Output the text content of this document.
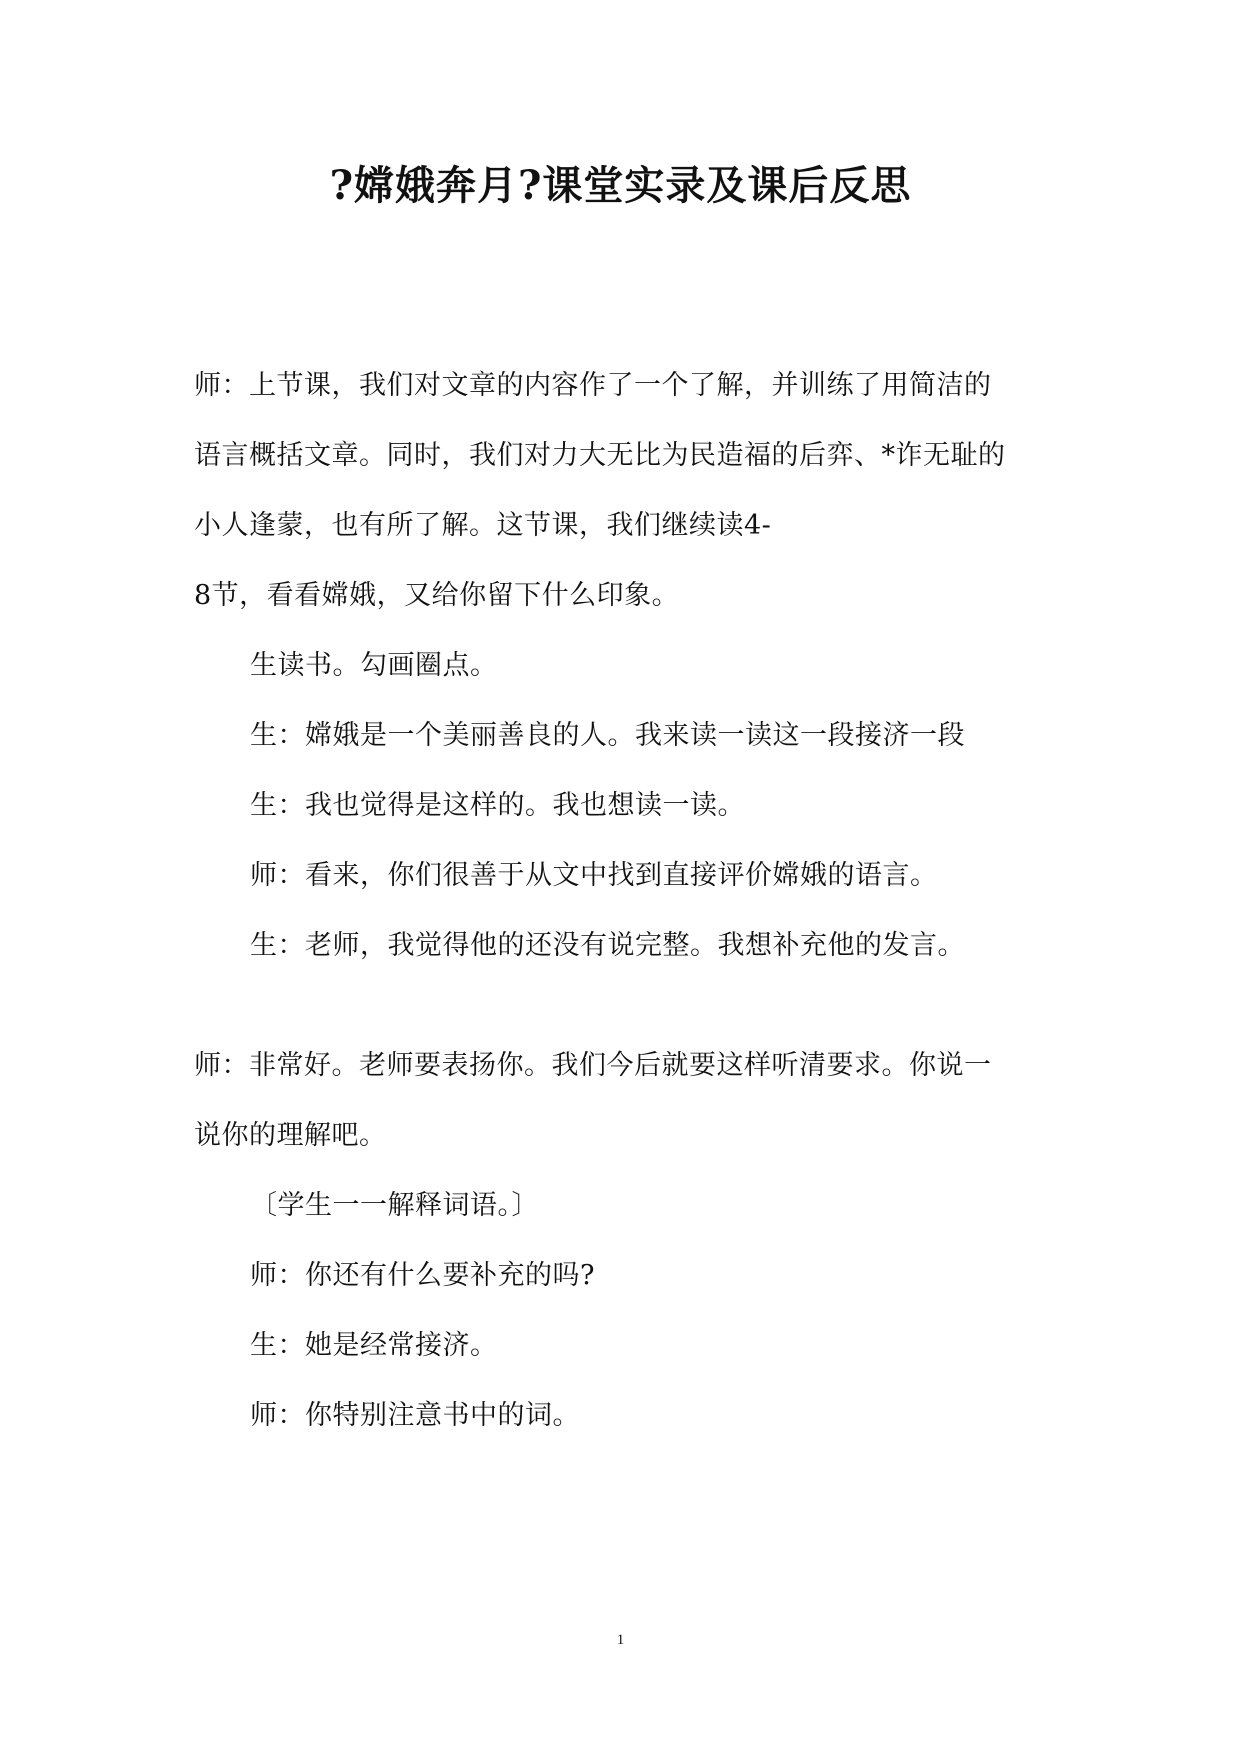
?嫦娥奔月?课堂实录及课后反思
师：上节课，我们对文章的内容作了一个了解，并训练了用简洁的
语言概括文章。同时，我们对力大无比为民造福的后弈、*诈无耻的
小人逢蒙，也有所了解。这节课，我们继续读4-
8节，看看嫦娥，又给你留下什么印象。
生读书。勾画圈点。
生：嫦娥是一个美丽善良的人。我来读一读这一段接济一段
生：我也觉得是这样的。我也想读一读。
师：看来，你们很善于从文中找到直接评价嫦娥的语言。
生：老师，我觉得他的还没有说完整。我想补充他的发言。
师：非常好。老师要表扬你。我们今后就要这样听清要求。你说一
说你的理解吧。
〔学生一一解释词语。〕
师：你还有什么要补充的吗?
生：她是经常接济。
师：你特别注意书中的词。
1
